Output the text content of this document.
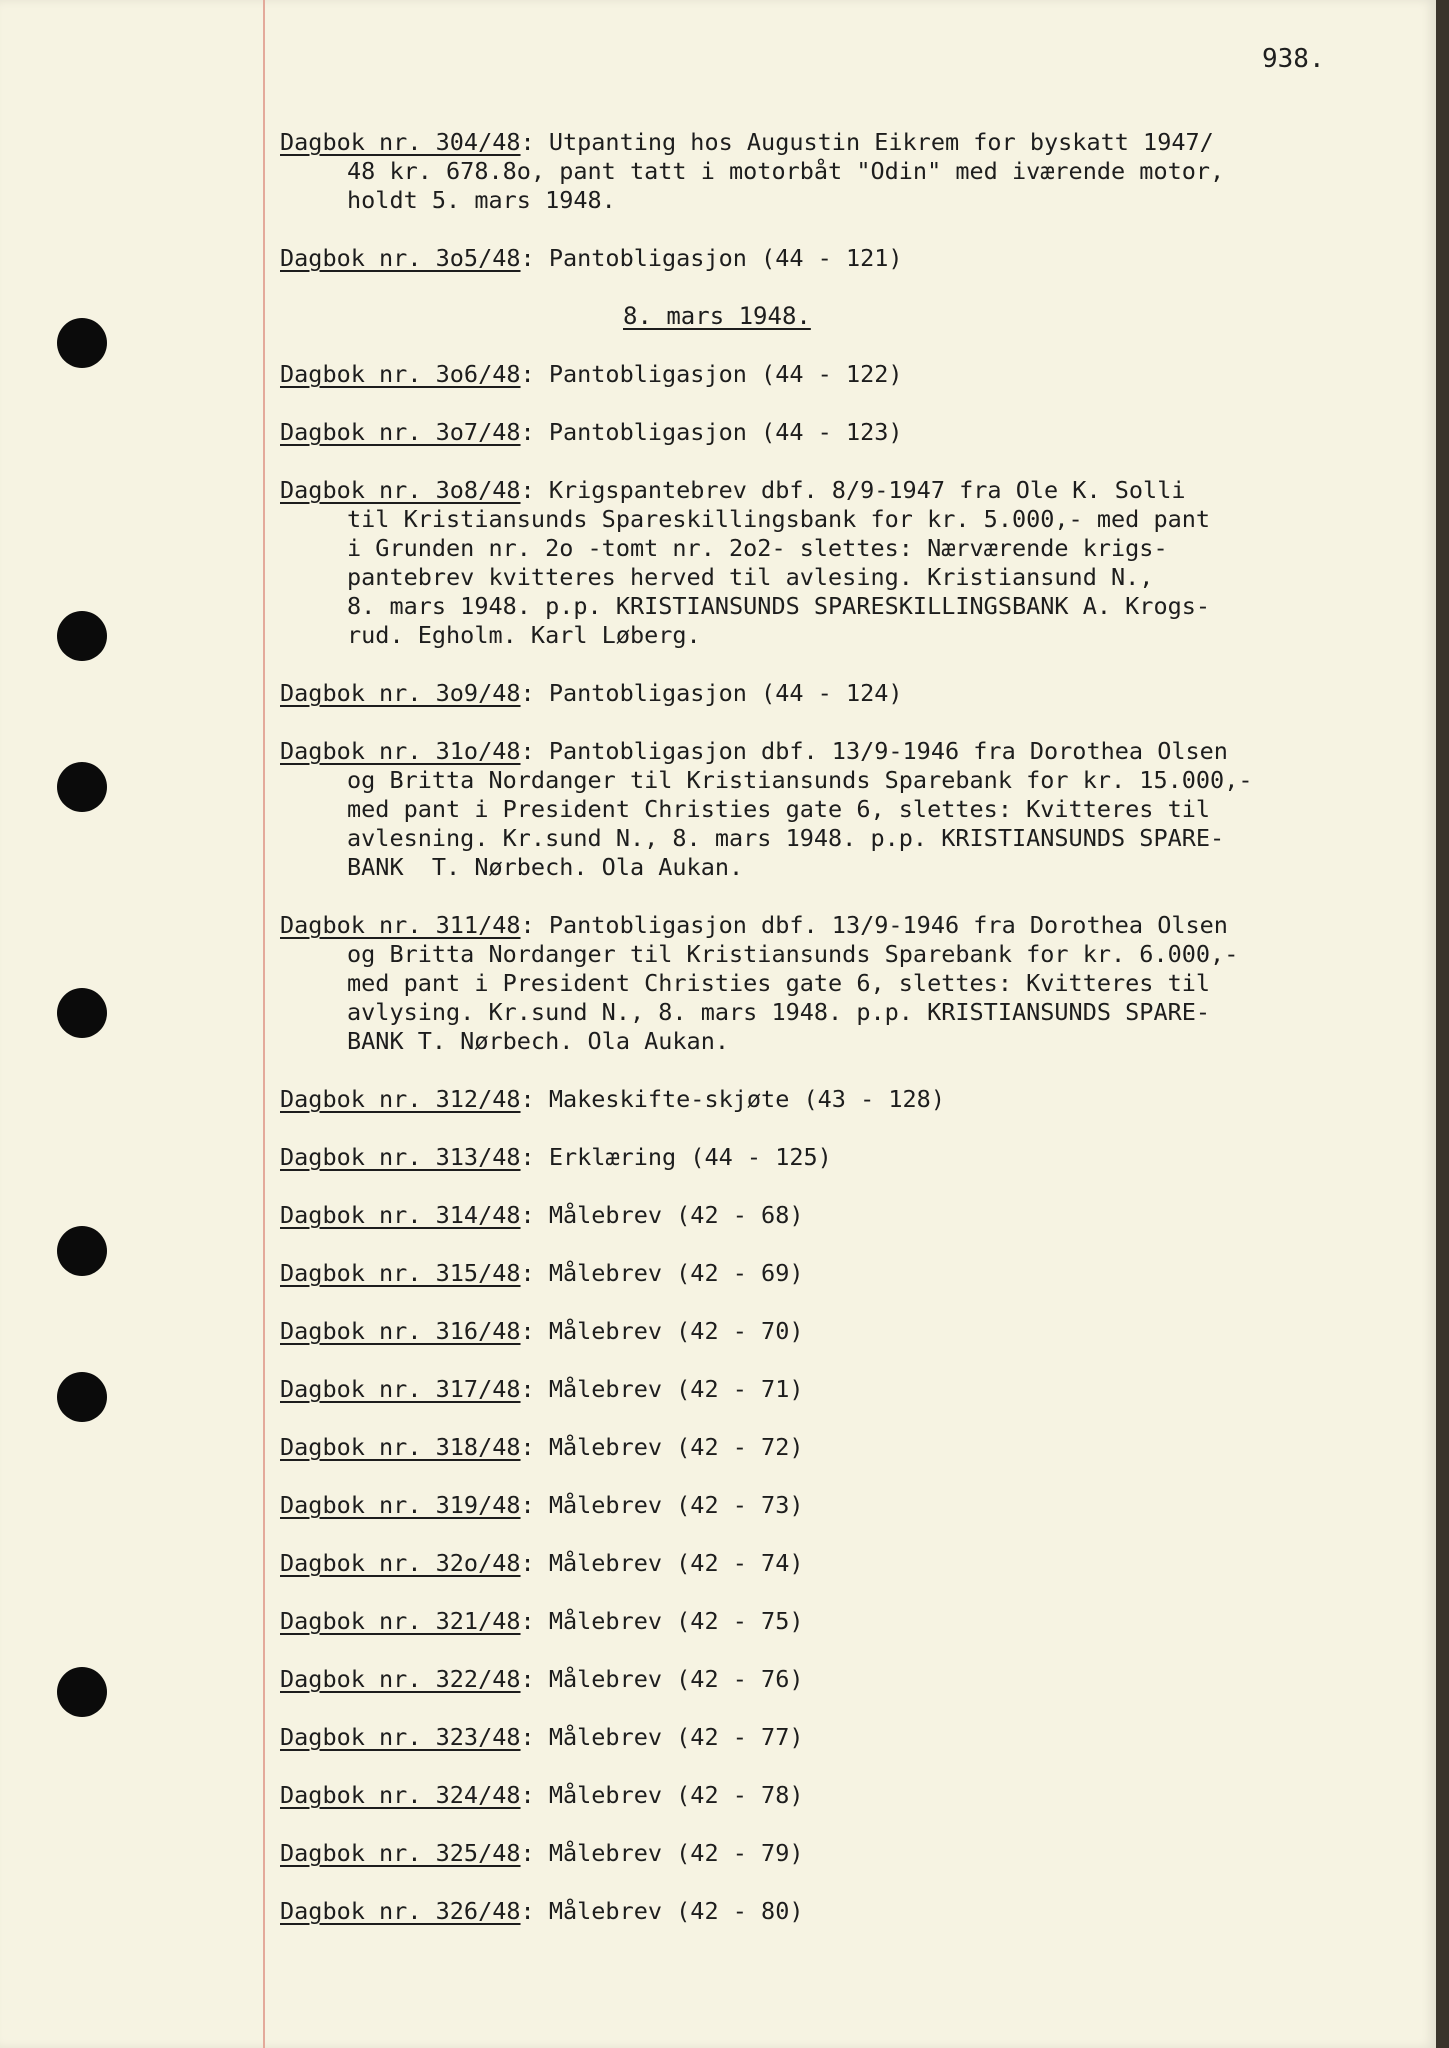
938.
Dagbok nr. 304/48: Utpanting hos Augustin Eikrem for byskatt 1947/
48 kr. 678.8o, pant tatt i motorbåt "Odin" med iværende motor,
holdt 5. mars 1948.
Dagbok nr. 3o5/48: Pantobligasjon (44 - 121)
8. mars 1948.
Dagbok nr. 3o6/48: Pantobligasjon (44 - 122)
Dagbok nr. 3o7/48: Pantobligasjon (44 - 123)
Dagbok nr. 3o8/48: Krigspantebrev dbf. 8/9-1947 fra Ole K. Solli
til Kristiansunds Spareskillingsbank for kr. 5.000,- med pant
i Grunden nr. 2o -tomt nr. 2o2- slettes: Nærværende krigs-
pantebrev kvitteres herved til avlesing. Kristiansund N.,
8. mars 1948. p.p. KRISTIANSUNDS SPARESKILLINGSBANK A. Krogs-
rud. Egholm. Karl Løberg.
Dagbok nr. 3o9/48: Pantobligasjon (44 - 124)
Dagbok nr. 31o/48: Pantobligasjon dbf. 13/9-1946 fra Dorothea Olsen
og Britta Nordanger til Kristiansunds Sparebank for kr. 15.000,-
med pant i President Christies gate 6, slettes: Kvitteres til
avlesning. Kr.sund N., 8. mars 1948. p.p. KRISTIANSUNDS SPARE-
BANK  T. Nørbech. Ola Aukan.
Dagbok nr. 311/48: Pantobligasjon dbf. 13/9-1946 fra Dorothea Olsen
og Britta Nordanger til Kristiansunds Sparebank for kr. 6.000,-
med pant i President Christies gate 6, slettes: Kvitteres til
avlysing. Kr.sund N., 8. mars 1948. p.p. KRISTIANSUNDS SPARE-
BANK T. Nørbech. Ola Aukan.
Dagbok nr. 312/48: Makeskifte-skjøte (43 - 128)
Dagbok nr. 313/48: Erklæring (44 - 125)
Dagbok nr. 314/48: Målebrev (42 - 68)
Dagbok nr. 315/48: Målebrev (42 - 69)
Dagbok nr. 316/48: Målebrev (42 - 70)
Dagbok nr. 317/48: Målebrev (42 - 71)
Dagbok nr. 318/48: Målebrev (42 - 72)
Dagbok nr. 319/48: Målebrev (42 - 73)
Dagbok nr. 32o/48: Målebrev (42 - 74)
Dagbok nr. 321/48: Målebrev (42 - 75)
Dagbok nr. 322/48: Målebrev (42 - 76)
Dagbok nr. 323/48: Målebrev (42 - 77)
Dagbok nr. 324/48: Målebrev (42 - 78)
Dagbok nr. 325/48: Målebrev (42 - 79)
Dagbok nr. 326/48: Målebrev (42 - 80)
